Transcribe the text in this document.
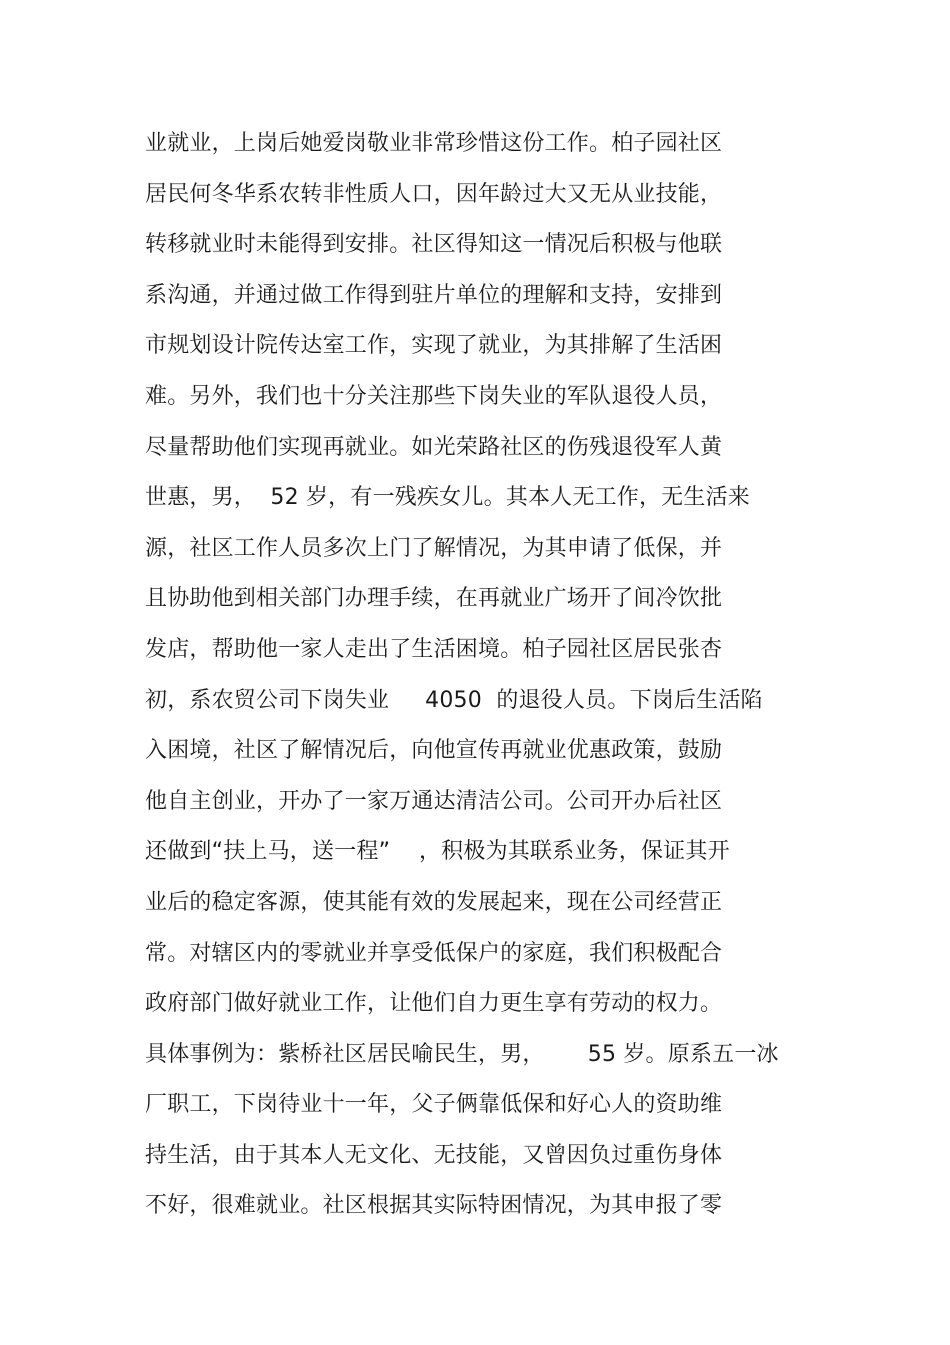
业就业，上岗后她爱岗敬业非常珍惜这份工作。柏子园社区
居民何冬华系农转非性质人口，因年龄过大又无从业技能，
转移就业时未能得到安排。社区得知这一情况后积极与他联
系沟通，并通过做工作得到驻片单位的理解和支持，安排到
市规划设计院传达室工作，实现了就业，为其排解了生活困
难。另外，我们也十分关注那些下岗失业的军队退役人员，
尽量帮助他们实现再就业。如光荣路社区的伤残退役军人黄
世惠，男，  52 岁，有一残疾女儿。其本人无工作，无生活来
源，社区工作人员多次上门了解情况，为其申请了低保，并
且协助他到相关部门办理手续，在再就业广场开了间冷饮批
发店，帮助他一家人走出了生活困境。柏子园社区居民张杏
初，系农贸公司下岗失业     4050  的退役人员。下岗后生活陷
入困境，社区了解情况后，向他宣传再就业优惠政策，鼓励
他自主创业，开办了一家万通达清洁公司。公司开办后社区
还做到“扶上马，送一程”    ，积极为其联系业务，保证其开
业后的稳定客源，使其能有效的发展起来，现在公司经营正
常。对辖区内的零就业并享受低保户的家庭，我们积极配合
政府部门做好就业工作，让他们自力更生享有劳动的权力。
具体事例为：紫桥社区居民喻民生，男，      55 岁。原系五一冰
厂职工，下岗待业十一年，父子俩靠低保和好心人的资助维
持生活，由于其本人无文化、无技能，又曾因负过重伤身体
不好，很难就业。社区根据其实际特困情况，为其申报了零
